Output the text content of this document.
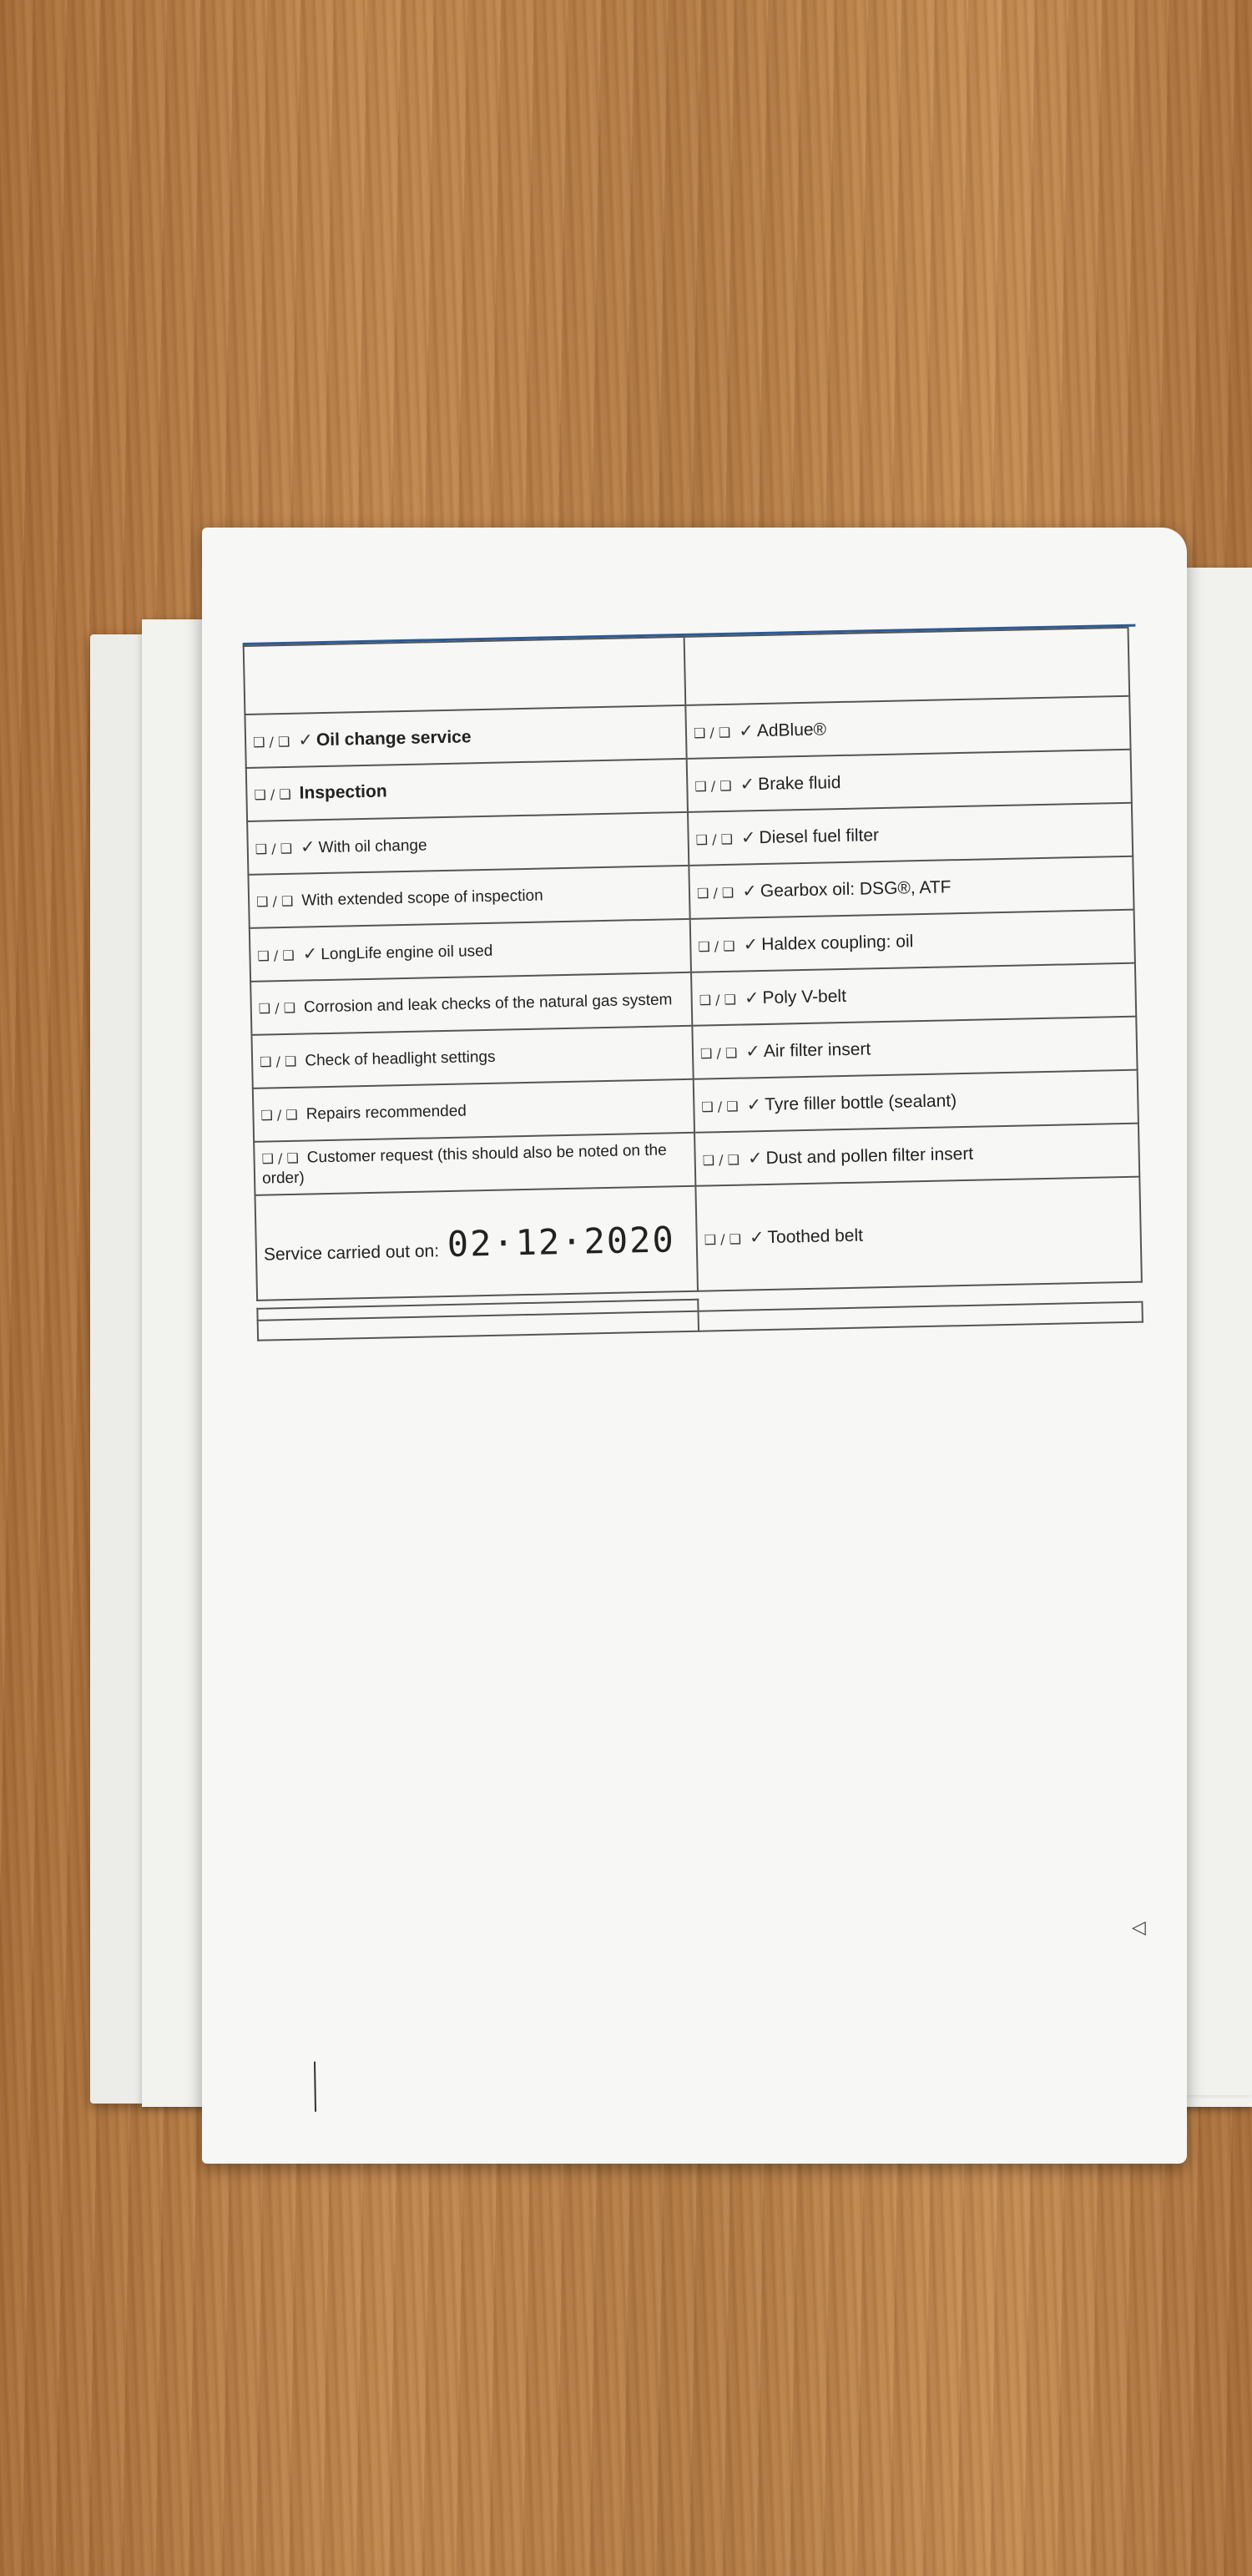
❑ / ❑ ✓ Oil change service	❑ / ❑ ✓ AdBlue®
❑ / ❑ Inspection	❑ / ❑ ✓ Brake fluid
❑ / ❑ ✓ With oil change	❑ / ❑ ✓ Diesel fuel filter
❑ / ❑ With extended scope of inspection	❑ / ❑ ✓ Gearbox oil: DSG®, ATF
❑ / ❑ ✓ LongLife engine oil used	❑ / ❑ ✓ Haldex coupling: oil
❑ / ❑ Corrosion and leak checks of the natural gas system	❑ / ❑ ✓ Poly V-belt
❑ / ❑ Check of headlight settings	❑ / ❑ ✓ Air filter insert
❑ / ❑ Repairs recommended	❑ / ❑ ✓ Tyre filler bottle (sealant)
❑ / ❑ Customer request (this should also be noted on the order)	❑ / ❑ ✓ Dust and pollen filter insert
Service carried out on: 02·12·2020	❑ / ❑ ✓ Toothed belt

◁
